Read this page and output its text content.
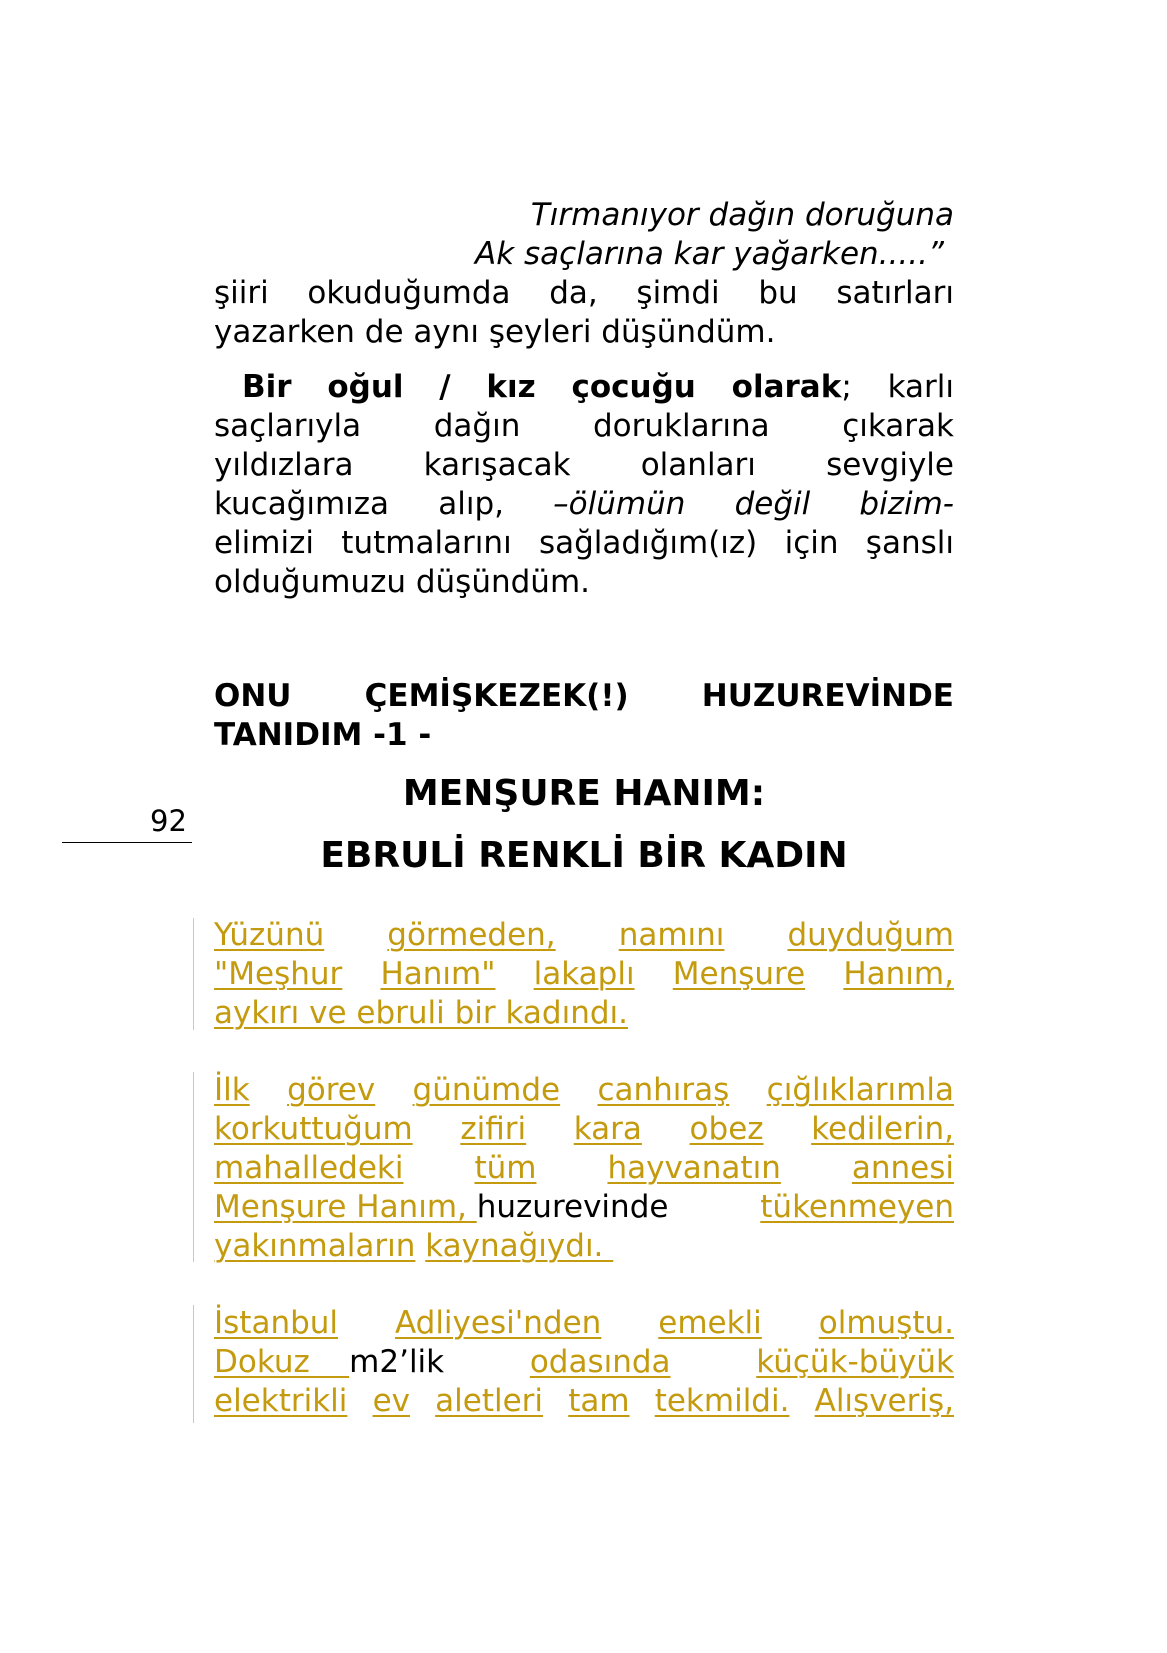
Tırmanıyor dağın doruğuna
Ak saçlarına kar yağarken.....”
şiiri okuduğumda da, şimdi bu satırları
yazarken de aynı şeyleri düşündüm.
Bir oğul / kız çocuğu olarak; karlı
saçlarıyla dağın doruklarına çıkarak
yıldızlara karışacak olanları sevgiyle
kucağımıza alıp, –ölümün değil bizim-
elimizi tutmalarını sağladığım(ız) için şanslı
olduğumuzu düşündüm.
ONU ÇEMİŞKEZEK(!) HUZUREVİNDE
TANIDIM -1 -
92
MENŞURE HANIM:
EBRULİ RENKLİ BİR KADIN
Yüzünü görmeden, namını duyduğum
"Meşhur Hanım" lakaplı Menşure Hanım,
aykırı ve ebruli bir kadındı.
İlk görev günümde canhıraş çığlıklarımla
korkuttuğum zifiri kara obez kedilerin,
mahalledeki tüm hayvanatın annesi
Menşure Hanım, huzurevinde	tükenmeyen
yakınmaların kaynağıydı.
İstanbul Adliyesi'nden emekli olmuştu.
Dokuz    m2’lik	odasında	küçük-büyük
elektrikli ev aletleri tam tekmildi. Alışveriş,
